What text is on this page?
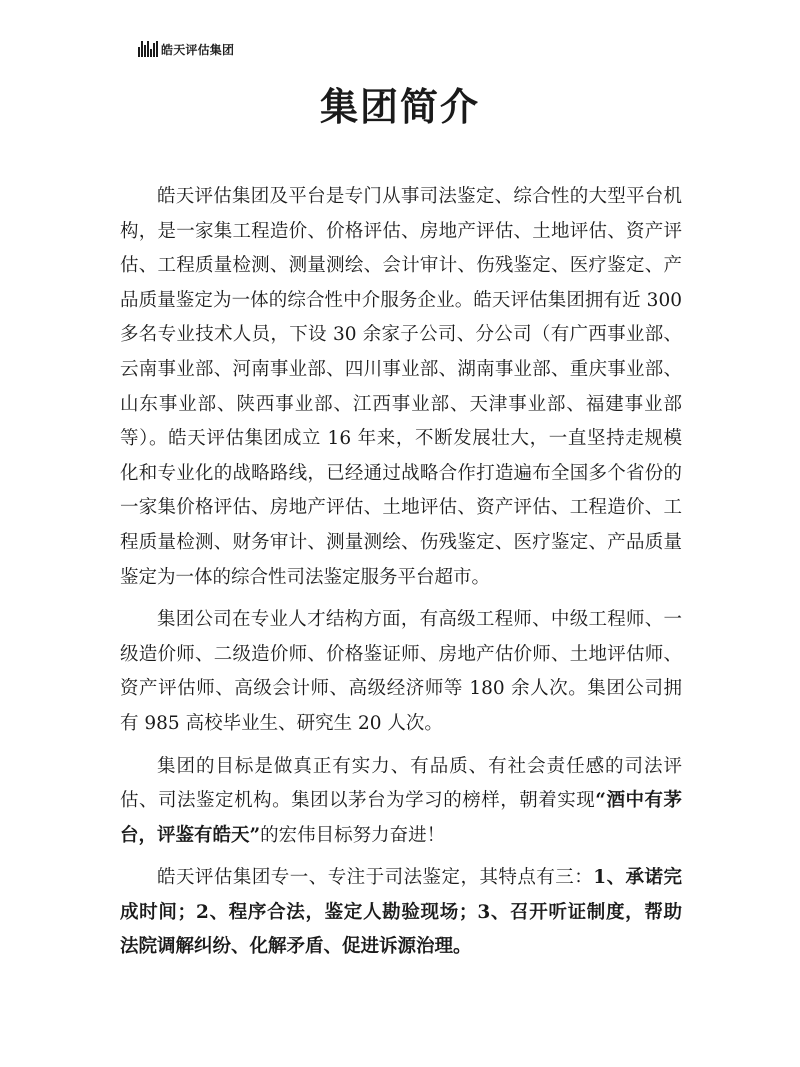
皓天评估集团
集团简介

皓天评估集团及平台是专门从事司法鉴定、综合性的大型平台机构，是一家集工程造价、价格评估、房地产评估、土地评估、资产评估、工程质量检测、测量测绘、会计审计、伤残鉴定、医疗鉴定、产品质量鉴定为一体的综合性中介服务企业。皓天评估集团拥有近 300 多名专业技术人员，下设 30 余家子公司、分公司（有广西事业部、云南事业部、河南事业部、四川事业部、湖南事业部、重庆事业部、山东事业部、陕西事业部、江西事业部、天津事业部、福建事业部等）。皓天评估集团成立 16 年来，不断发展壮大，一直坚持走规模化和专业化的战略路线，已经通过战略合作打造遍布全国多个省份的一家集价格评估、房地产评估、土地评估、资产评估、工程造价、工程质量检测、财务审计、测量测绘、伤残鉴定、医疗鉴定、产品质量鉴定为一体的综合性司法鉴定服务平台超市。

集团公司在专业人才结构方面，有高级工程师、中级工程师、一级造价师、二级造价师、价格鉴证师、房地产估价师、土地评估师、资产评估师、高级会计师、高级经济师等 180 余人次。集团公司拥有 985 高校毕业生、研究生 20 人次。

集团的目标是做真正有实力、有品质、有社会责任感的司法评估、司法鉴定机构。集团以茅台为学习的榜样，朝着实现“酒中有茅台，评鉴有皓天”的宏伟目标努力奋进！

皓天评估集团专一、专注于司法鉴定，其特点有三：1、承诺完成时间；2、程序合法，鉴定人勘验现场；3、召开听证制度，帮助法院调解纠纷、化解矛盾、促进诉源治理。
